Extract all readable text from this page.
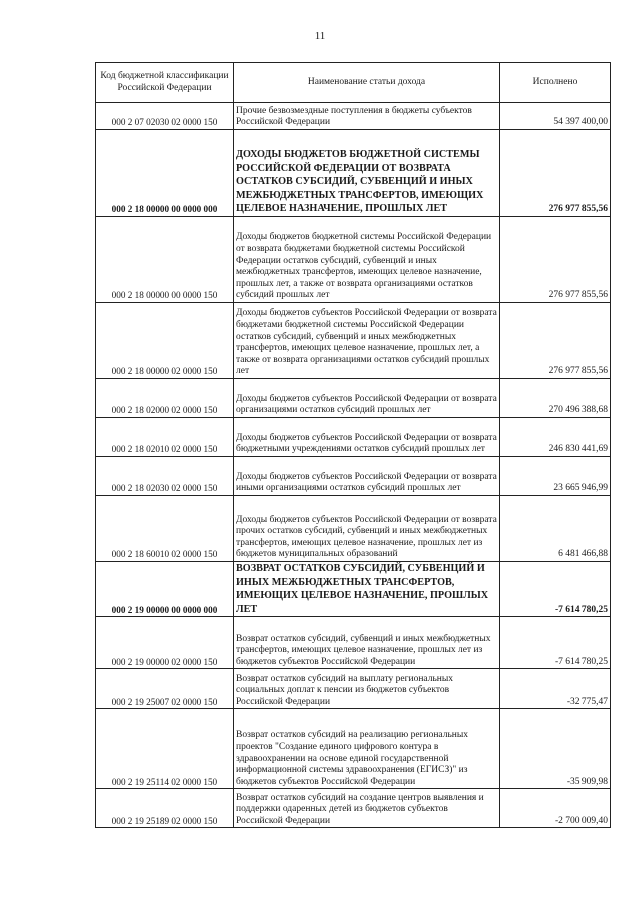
11
Код бюджетной классификации Российской Федерации	Наименование статьи дохода	Исполнено
000 2 07 02030 02 0000 150	Прочие безвозмездные поступления в бюджеты субъектов Российской Федерации	54 397 400,00
000 2 18 00000 00 0000 000	ДОХОДЫ БЮДЖЕТОВ БЮДЖЕТНОЙ СИСТЕМЫ РОССИЙСКОЙ ФЕДЕРАЦИИ ОТ ВОЗВРАТА ОСТАТКОВ СУБСИДИЙ, СУБВЕНЦИЙ И ИНЫХ МЕЖБЮДЖЕТНЫХ ТРАНСФЕРТОВ, ИМЕЮЩИХ ЦЕЛЕВОЕ НАЗНАЧЕНИЕ, ПРОШЛЫХ ЛЕТ	276 977 855,56
000 2 18 00000 00 0000 150	Доходы бюджетов бюджетной системы Российской Федерации от возврата бюджетами бюджетной системы Российской Федерации остатков субсидий, субвенций и иных межбюджетных трансфертов, имеющих целевое назначение, прошлых лет, а также от возврата организациями остатков субсидий прошлых лет	276 977 855,56
000 2 18 00000 02 0000 150	Доходы бюджетов субъектов Российской Федерации от возврата бюджетами бюджетной системы Российской Федерации остатков субсидий, субвенций и иных межбюджетных трансфертов, имеющих целевое назначение, прошлых лет, а также от возврата организациями остатков субсидий прошлых лет	276 977 855,56
000 2 18 02000 02 0000 150	Доходы бюджетов субъектов Российской Федерации от возврата организациями остатков субсидий прошлых лет	270 496 388,68
000 2 18 02010 02 0000 150	Доходы бюджетов субъектов Российской Федерации от возврата бюджетными учреждениями остатков субсидий прошлых лет	246 830 441,69
000 2 18 02030 02 0000 150	Доходы бюджетов субъектов Российской Федерации от возврата иными организациями остатков субсидий прошлых лет	23 665 946,99
000 2 18 60010 02 0000 150	Доходы бюджетов субъектов Российской Федерации от возврата прочих остатков субсидий, субвенций и иных межбюджетных трансфертов, имеющих целевое назначение, прошлых лет из бюджетов муниципальных образований	6 481 466,88
000 2 19 00000 00 0000 000	ВОЗВРАТ ОСТАТКОВ СУБСИДИЙ, СУБВЕНЦИЙ И ИНЫХ МЕЖБЮДЖЕТНЫХ ТРАНСФЕРТОВ, ИМЕЮЩИХ ЦЕЛЕВОЕ НАЗНАЧЕНИЕ, ПРОШЛЫХ ЛЕТ	-7 614 780,25
000 2 19 00000 02 0000 150	Возврат остатков субсидий, субвенций и иных межбюджетных трансфертов, имеющих целевое назначение, прошлых лет из бюджетов субъектов Российской Федерации	-7 614 780,25
000 2 19 25007 02 0000 150	Возврат остатков субсидий на выплату региональных социальных доплат к пенсии из бюджетов субъектов Российской Федерации	-32 775,47
000 2 19 25114 02 0000 150	Возврат остатков субсидий на реализацию региональных проектов "Создание единого цифрового контура в здравоохранении на основе единой государственной информационной системы здравоохранения (ЕГИСЗ)" из бюджетов субъектов Российской Федерации	-35 909,98
000 2 19 25189 02 0000 150	Возврат остатков субсидий на создание центров выявления и поддержки одаренных детей из бюджетов субъектов Российской Федерации	-2 700 009,40
